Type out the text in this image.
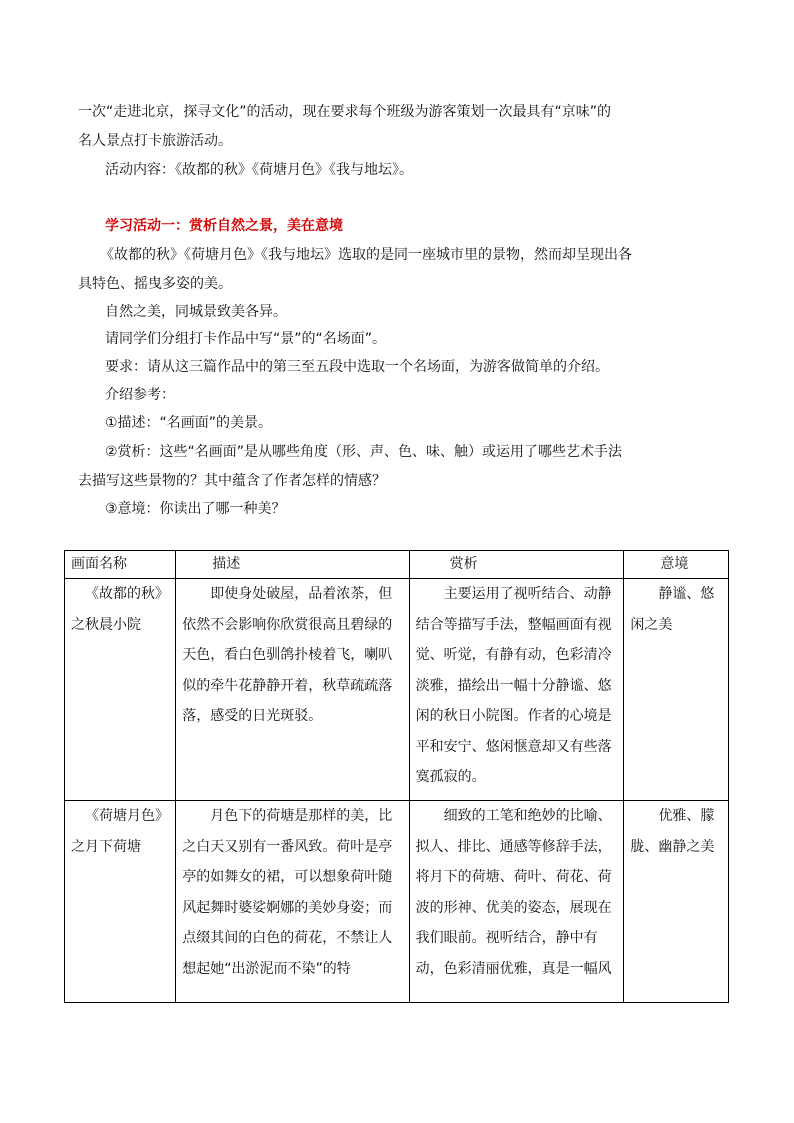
一次“走进北京，探寻文化”的活动，现在要求每个班级为游客策划一次最具有“京味”的
名人景点打卡旅游活动。
活动内容：《故都的秋》《荷塘月色》《我与地坛》。
学习活动一：赏析自然之景，美在意境
《故都的秋》《荷塘月色》《我与地坛》选取的是同一座城市里的景物，然而却呈现出各
具特色、摇曳多姿的美。
自然之美，同城景致美各异。
请同学们分组打卡作品中写“景”的“名场面”。
要求：请从这三篇作品中的第三至五段中选取一个名场面，为游客做简单的介绍。
介绍参考：
①描述：“名画面”的美景。
②赏析：这些“名画面”是从哪些角度（形、声、色、味、触）或运用了哪些艺术手法
去描写这些景物的？其中蕴含了作者怎样的情感？
③意境：你读出了哪一种美？
画面名称	描述	赏析	意境
《故都的秋》之秋晨小院	即使身处破屋，品着浓茶，但依然不会影响你欣赏很高且碧绿的天色，看白色驯鸽扑棱着飞，喇叭似的牵牛花静静开着，秋草疏疏落落，感受的日光斑驳。	主要运用了视听结合、动静结合等描写手法，整幅画面有视觉、听觉，有静有动，色彩清冷淡雅，描绘出一幅十分静谧、悠闲的秋日小院图。作者的心境是平和安宁、悠闲惬意却又有些落寞孤寂的。	静谧、悠闲之美
《荷塘月色》之月下荷塘	月色下的荷塘是那样的美，比之白天又别有一番风致。荷叶是亭亭的如舞女的裙，可以想象荷叶随风起舞时婆娑婀娜的美妙身姿；而点缀其间的白色的荷花，不禁让人想起她“出淤泥而不染”的特	细致的工笔和绝妙的比喻、拟人、排比、通感等修辞手法，将月下的荷塘、荷叶、荷花、荷波的形神、优美的姿态，展现在我们眼前。视听结合，静中有动，色彩清丽优雅，真是一幅风	优雅、朦胧、幽静之美
